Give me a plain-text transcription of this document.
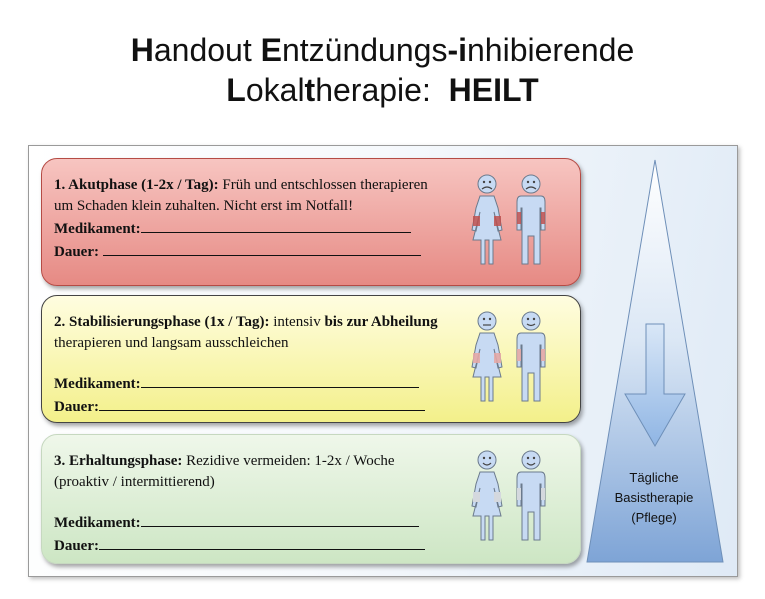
Handout Entzündungs-inhibierende
Lokaltherapie:  HEILT

1. Akutphase (1-2x / Tag): Früh und entschlossen therapieren um Schaden klein zuhalten. Nicht erst im Notfall!

Medikament:
Dauer:

2. Stabilisierungsphase (1x / Tag): intensiv bis zur Abheilung therapieren und langsam ausschleichen

Medikament:
Dauer:

3. Erhaltungsphase: Rezidive vermeiden: 1-2x / Woche (proaktiv / intermittierend)

Medikament:
Dauer:
Tägliche
Basistherapie
(Pflege)
